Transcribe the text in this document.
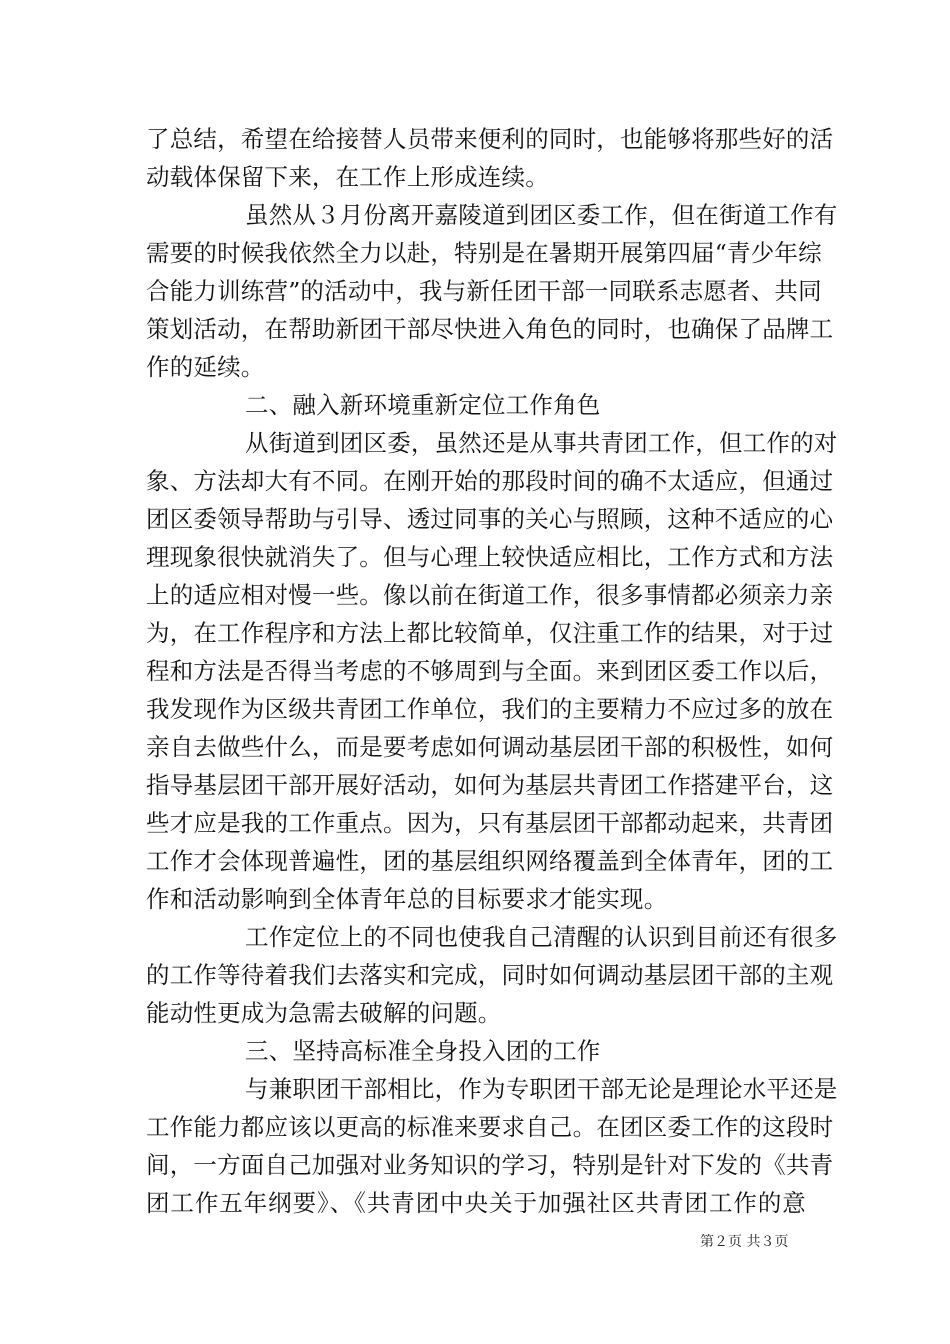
了总结，希望在给接替人员带来便利的同时，也能够将那些好的活
动载体保留下来，在工作上形成连续。
虽然从３月份离开嘉陵道到团区委工作，但在街道工作有
需要的时候我依然全力以赴，特别是在暑期开展第四届“青少年综
合能力训练营”的活动中，我与新任团干部一同联系志愿者、共同
策划活动，在帮助新团干部尽快进入角色的同时，也确保了品牌工
作的延续。
二、融入新环境重新定位工作角色
从街道到团区委，虽然还是从事共青团工作，但工作的对
象、方法却大有不同。在刚开始的那段时间的确不太适应，但通过
团区委领导帮助与引导、透过同事的关心与照顾，这种不适应的心
理现象很快就消失了。但与心理上较快适应相比，工作方式和方法
上的适应相对慢一些。像以前在街道工作，很多事情都必须亲力亲
为，在工作程序和方法上都比较简单，仅注重工作的结果，对于过
程和方法是否得当考虑的不够周到与全面。来到团区委工作以后，
我发现作为区级共青团工作单位，我们的主要精力不应过多的放在
亲自去做些什么，而是要考虑如何调动基层团干部的积极性，如何
指导基层团干部开展好活动，如何为基层共青团工作搭建平台，这
些才应是我的工作重点。因为，只有基层团干部都动起来，共青团
工作才会体现普遍性，团的基层组织网络覆盖到全体青年，团的工
作和活动影响到全体青年总的目标要求才能实现。
工作定位上的不同也使我自己清醒的认识到目前还有很多
的工作等待着我们去落实和完成，同时如何调动基层团干部的主观
能动性更成为急需去破解的问题。
三、坚持高标准全身投入团的工作
与兼职团干部相比，作为专职团干部无论是理论水平还是
工作能力都应该以更高的标准来要求自己。在团区委工作的这段时
间，一方面自己加强对业务知识的学习，特别是针对下发的《共青
团工作五年纲要》、《共青团中央关于加强社区共青团工作的意
第２页 共３页
